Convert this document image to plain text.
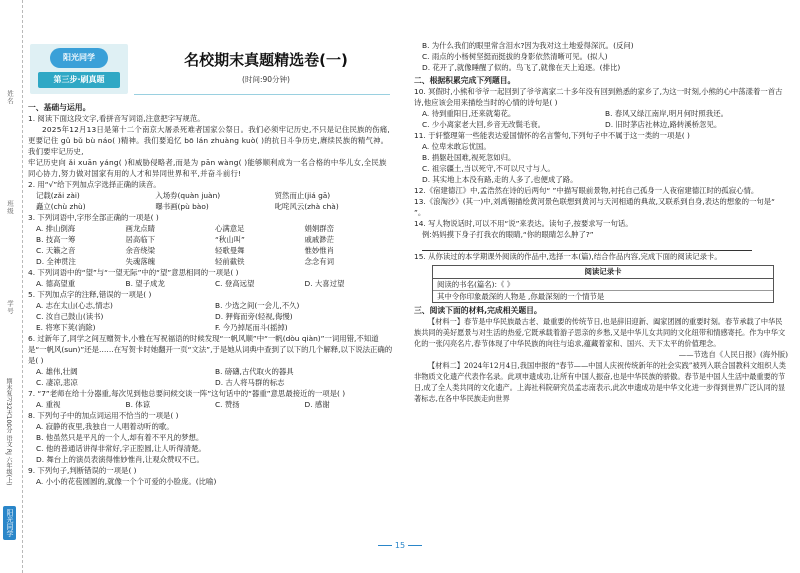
姓名
班级
学号
期末复习32天100分 语文 RJ 六年级(上)
阳光同学
阳光同学
第三步·刷真题
名校期末真题精选卷(一)
(时间:90分钟)
一、基础与运用。
1. 阅读下面这段文字,看拼音写词语,注意把字写规范。
2025年12月13日是第十二个南京大屠杀死难者国家公祭日。我们必须牢记历史,不只是记住民族的伤痛,更要记住 gǔ bǔ bù náo( )精神。我们要追忆 bō lán zhuàng kuò( )的抗日斗争历史,赓续民族的精气神。我们要牢记历史,
牢记历史向 ǎi xuān yáng( )和威胁侵略者,而是为 pān wàng( )能够顺利成为一名合格的中华儿女,全民族同心协力,努力做对国家有用的人才和异同世界和平,并奋斗前行!
2. 用“√”给下列加点字选择正确的读音。
记载(zǎi zài)	入场券(quàn juàn)	贸然而止(jiá gā)
矗立(chù zhù)	曝书画(pù bào)	叱咤风云(zhà chà)
3. 下列词语中,字形全部正确的一项是( )
A. 排山倒海	画龙点睛	心满意足	娟娟群峦
B. 技高一筹	居高临下	“秋山叫”	戚戚渺茫
C. 天籁之音	余音绕梁	轻歌曼舞	惟妙惟肖
D. 全神贯注	失魂落魄	轻前截铁	念念有词
4. 下列词语中的“望”与“一望无际”中的“望”意思相同的一项是( )
A. 德高望重	B. 望子成龙	C. 登高远望	D. 大喜过望
5. 下列加点字的注释,错误的一项是( )
A. 志在太山(心志,情志)	B. 少选之间(一会儿,不久)
C. 汝自己鼓山(读书)	D. 狎侮而旁(轻视,侮慢)
E. 将寒下荚(消除)	F. 今乃掉尾而斗(摇掉)
6. 过新年了,同学之间互赠贺卡,小雅在写祝福语的时候发现“一帆风顺”中“一帆(dòu qiàn)”一词用错,不知道是“一帆风(sun)”还是……在写贺卡时她翻开一页“文法”,于是她从词典中查到了以下的几个解释,以下说法正确的是( )
A. 雄伟,壮阔	B. 磅礴,古代取火的器具
C. 凄凉,悲凉	D. 古人将马群的标志
7. “7”老师在给十分器重,每次见到他总要问候交谈一阵”这句话中的“器重”意思最接近的一项是( )
A. 重视	B. 体谅	C. 赞扬	D. 感谢
8. 下列句子中的加点词运用不恰当的一项是( )
A. 寂静的夜里,我独自一人唱着动听的歌。
B. 他虽然只是平凡的一个人,却有着不平凡的梦想。
C. 他的普通话讲得非常好,字正腔圆,让人听得清楚。
D. 舞台上的演员表演得惟妙惟肖,让观众赞叹不已。
9. 下列句子,判断错误的一项是( )
A. 小小的花苞圆圆的,就像一个个可爱的小脸庞。(比喻)
B. 为什么我们的眼里常含泪水?因为我对这土地爱得深沉。(反问)
C. 雨点的小杨树坚挺而挺拔的身影依然清晰可见。(拟人)
D. 花开了,就像睡醒了似的。鸟飞了,就像在天上追逐。(排比)
二、根据积累完成下列题目。
10. 冥假时,小熊和爷爷一起回到了爷爷离家二十多年没有回到熟悉的家乡了,为这一时刻,小熊的心中荡漾着一首古诗,他应该会用来描绘当时的心情的诗句是( )
A. 待到重阳日,还来就菊花。	B. 春风又绿江南岸,明月何时照我还。
C. 少小离家老大回,乡音无改鬓毛衰。	D. 旧时茅店社林边,路转溪桥忽见。
11. 于轩整理第一些能表达爱国情怀的名言警句,下列句子中不属于这一类的一项是( )
A. 位卑未敢忘忧国。
B. 捐躯赴国难,视死忽如归。
C. 祖宗疆土,当以死守,不可以尺寸与人。
D. 其实地上本没有路,走的人多了,也便成了路。
12.《宿建德江》中,孟浩然在诗的后两句“ ”中描写眼前景物,衬托自己孤身一人夜宿建德江时的孤寂心情。
13.《浪淘沙》(其一)中,刘禹锡描绘黄河景色联想到黄河与天河相通的典故,又联系到自身,表达的想象的一句是“ ”。
14. 写人物说话时,可以不用“说”来表达。读句子,按要求写一句话。
例:妈妈摸下身子打我衣的眼睛,“你的眼睛怎么肿了?”
15. 从你读过的本学期课外阅读的作品中,选择一本(篇),结合作品内容,完成下面的阅读记录卡。
阅读记录卡
阅读的书名(篇名):《 》
其中令你印象最深的人物是 ,你最深刻的一个情节是
三、阅读下面的材料,完成相关题目。
【材料一】春节是中华民族最古老、最重要的传统节日,也是辞旧迎新、阖家团圆的重要时刻。春节承载了中华民族共同的美好愿景与对生活的热爱,它既承载着游子思亲的乡愁,又是中华儿女共同的文化纽带和情感寄托。作为中华文化的一张闪亮名片,春节体现了中华民族的向往与追求,蕴藏着家和、国兴、天下太平的价值理念。
——节选自《人民日报》(海外版)
【材料二】2024年12月4日,我国申报的“春节——中国人庆祝传统新年的社会实践”被列入联合国教科文组织人类非物质文化遗产代表作名录。此项申遗成功,让所有中国人振奋,也是中华民族的骄傲。春节是中国人生活中最重要的节日,成了全人类共同的文化遗产。上海社科院研究员孟志南表示,此次申遗成功是中华文化进一步得到世界广泛认同的显著标志,在各中华民族走向世界
15
